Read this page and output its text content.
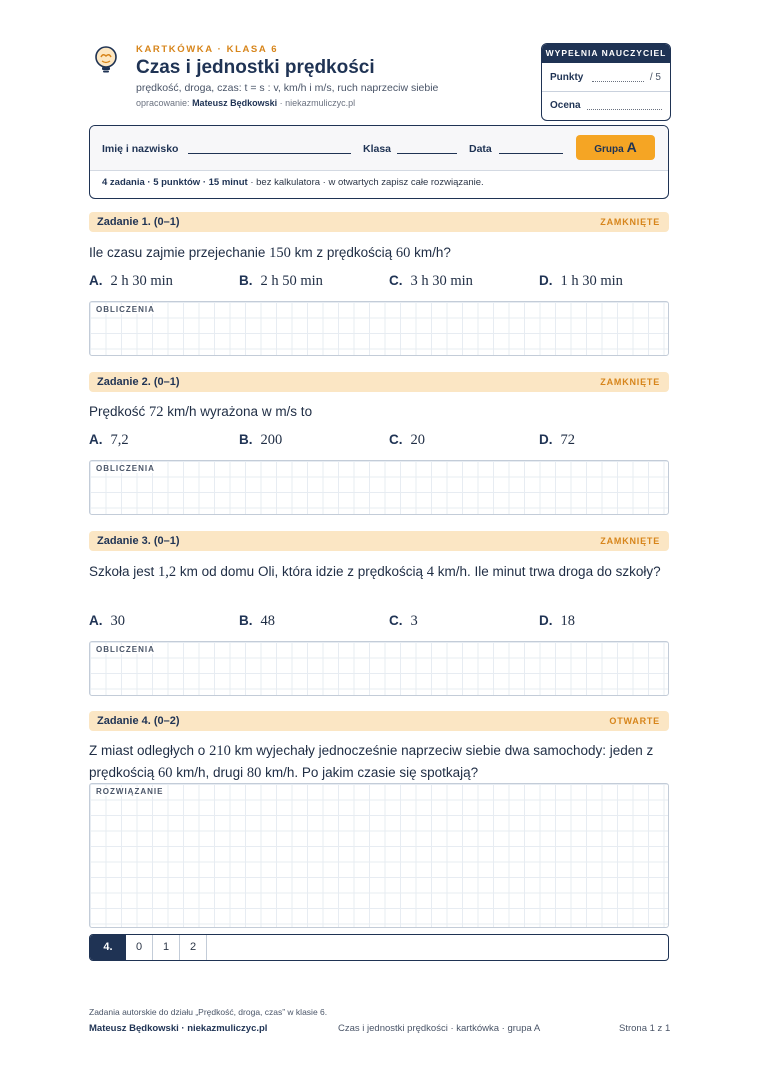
KARTKÓWKA · KLASA 6
Czas i jednostki prędkości
prędkość, droga, czas: t = s : v, km/h i m/s, ruch naprzeciw siebie
opracowanie: Mateusz Będkowski · niekazmuliczyc.pl
WYPEŁNIA NAUCZYCIEL
Punkty	/ 5
Ocena
Imię i nazwisko	Klasa	Data	Grupa A
4 zadania · 5 punktów · 15 minut · bez kalkulatora · w otwartych zapisz całe rozwiązanie.
Zadanie 1. (0–1)	ZAMKNIĘTE
Ile czasu zajmie przejechanie 150 km z prędkością 60 km/h?
A. 2 h 30 min	B. 2 h 50 min	C. 3 h 30 min	D. 1 h 30 min
OBLICZENIA
Zadanie 2. (0–1)	ZAMKNIĘTE
Prędkość 72 km/h wyrażona w m/s to
A. 7,2	B. 200	C. 20	D. 72
OBLICZENIA
Zadanie 3. (0–1)	ZAMKNIĘTE
Szkoła jest 1,2 km od domu Oli, która idzie z prędkością 4 km/h. Ile minut trwa droga do szkoły?
A. 30	B. 48	C. 3	D. 18
OBLICZENIA
Zadanie 4. (0–2)	OTWARTE
Z miast odległych o 210 km wyjechały jednocześnie naprzeciw siebie dwa samochody: jeden z prędkością 60 km/h, drugi 80 km/h. Po jakim czasie się spotkają?
ROZWIĄZANIE
4.	0	1	2
Zadania autorskie do działu „Prędkość, droga, czas” w klasie 6.
Mateusz Będkowski · niekazmuliczyc.pl	Czas i jednostki prędkości · kartkówka · grupa A	Strona 1 z 1
